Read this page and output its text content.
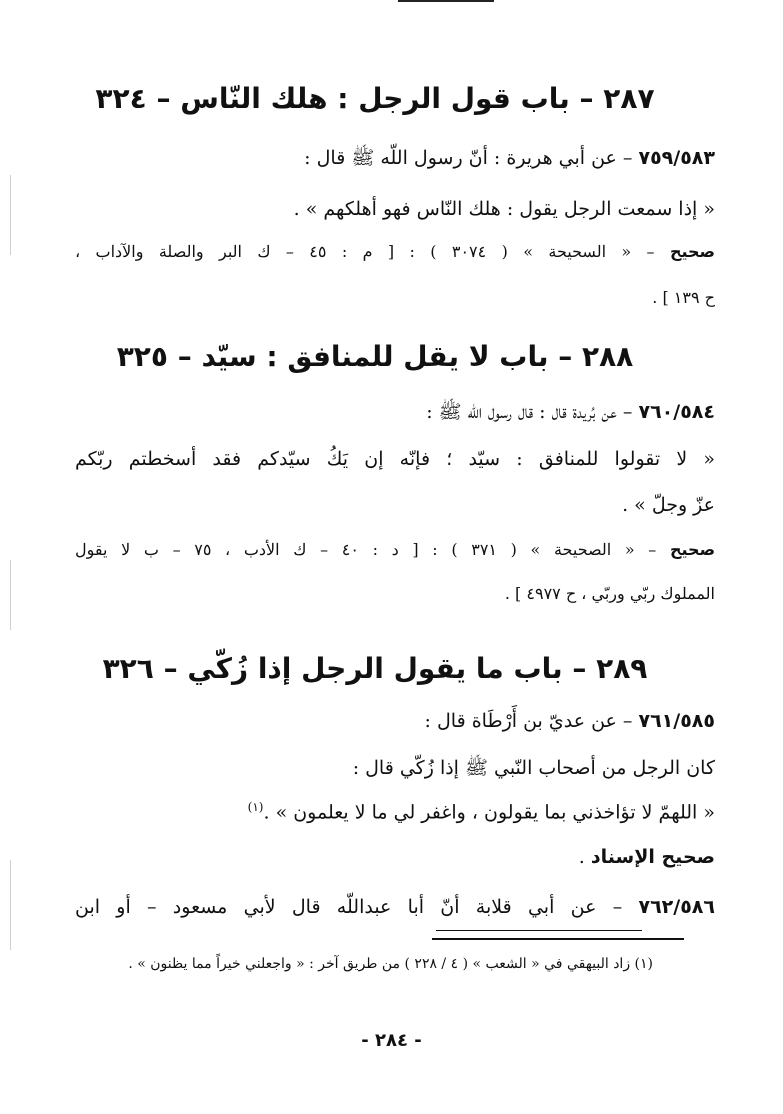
٢٨٧ – باب قول الرجل : هلك النّاس – ٣٢٤
٧٥٩/٥٨٣ – عن أبي هريرة : أنّ رسول اللّه ﷺ قال :
« إذا سمعت الرجل يقول : هلك النّاس فهو أهلكهم » .
صحيح – « السحيحة » ( ٣٠٧٤ ) : [ م : ٤٥ – ك البر والصلة والآداب ،
ح ١٣٩ ] .
٢٨٨ – باب لا يقل للمنافق : سيّد – ٣٢٥
٧٦٠/٥٨٤ – عن بُريدة قال : قال رسول اللّه ﷺ :
« لا تقولوا للمنافق : سيّد ؛ فإنّه إن يَكُ سيّدكم فقد أسخطتم ربّكم
عزّ وجلّ » .
صحيح – « الصحيحة » ( ٣٧١ ) : [ د : ٤٠ – ك الأدب ، ٧٥ – ب لا يقول
المملوك ربّي وربّي ، ح ٤٩٧٧ ] .
٢٨٩ – باب ما يقول الرجل إذا زُكّي – ٣٢٦
٧٦١/٥٨٥ – عن عديّ بن أَرْطَاة قال :
كان الرجل من أصحاب النّبي ﷺ إذا زُكّي قال :
« اللهمّ لا تؤاخذني بما يقولون ، واغفر لي ما لا يعلمون » .$^{(١)}$
صحيح الإسناد .
٧٦٢/٥٨٦ – عن أبي قلابة أنّ أبا عبداللّه قال لأبي مسعود – أو ابن
(١) زاد البيهقي في « الشعب » ( ٤ / ٢٢٨ ) من طريق آخر : « واجعلني خيراً مما يظنون » .
- ٢٨٤ -
